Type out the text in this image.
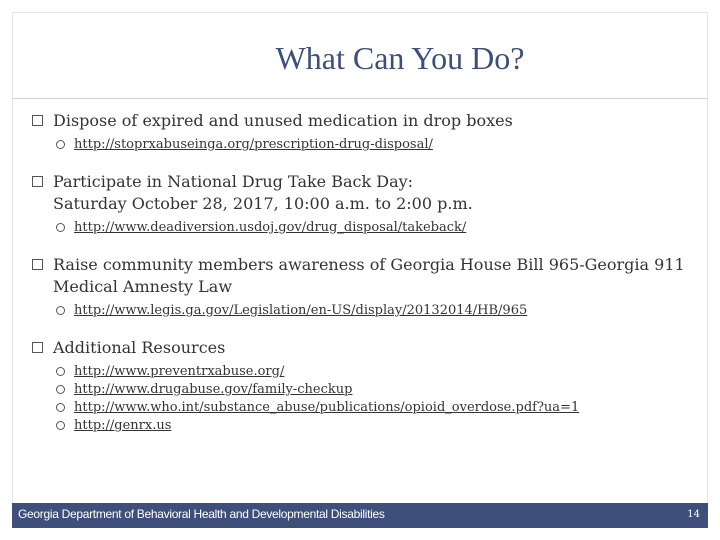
What Can You Do?
Dispose of expired and unused medication in drop boxes
http://stoprxabuseinga.org/prescription-drug-disposal/
Participate in National Drug Take Back Day:
Saturday October 28, 2017, 10:00 a.m. to 2:00 p.m.
http://www.deadiversion.usdoj.gov/drug_disposal/takeback/
Raise community members awareness of Georgia House Bill 965-Georgia 911
Medical Amnesty Law
http://www.legis.ga.gov/Legislation/en-US/display/20132014/HB/965
Additional Resources
http://www.preventrxabuse.org/
http://www.drugabuse.gov/family-checkup
http://www.who.int/substance_abuse/publications/opioid_overdose.pdf?ua=1
http://genrx.us
Georgia Department of Behavioral Health and Developmental Disabilities	14
